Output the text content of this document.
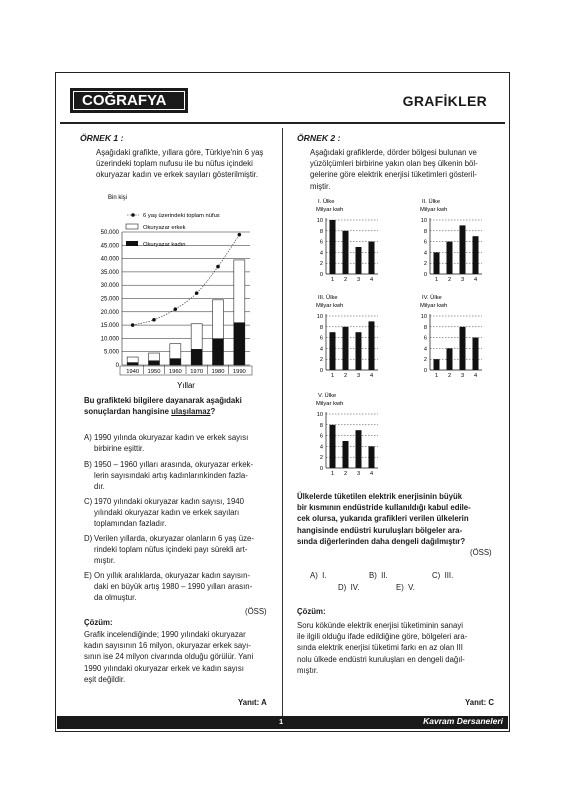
COĞRAFYA	GRAFİKLER
ÖRNEK 1 :
Aşağıdaki grafikte, yıllara göre, Türkiye'nin 6 yaş
üzerindeki toplam nufusu ile bu nüfus içindeki
okuryazar kadın ve erkek sayıları gösterilmiştir.
Bin kişi
0
5.000
10.000
15.000
20.000
25.000
30.000
35.000
40.000
45.000
50.000
1940 1950 1960 1970 1980 1990
6 yaş üzerindeki toplam nüfus
Okuryazar erkek
Okuryazar kadın
Yıllar
Bu grafikteki bilgilere dayanarak aşağıdaki
sonuçlardan hangisine ulaşılamaz?
A) 1990 yılında okuryazar kadın ve erkek sayısı
birbirine eşittir.
B) 1950 – 1960 yılları arasında, okuryazar erkek-
lerin sayısındaki artış kadınlarınkinden fazla-
dır.
C) 1970 yılındaki okuryazar kadın sayısı, 1940
yılındaki okuryazar kadın ve erkek sayıları
toplamından fazladır.
D) Verilen yıllarda, okuryazar olanların 6 yaş üze-
rindeki toplam nüfus içindeki payı sürekli art-
mıştır.
E) On yıllık aralıklarda, okuryazar kadın sayısın-
daki en büyük artış 1980 – 1990 yılları arasın-
da olmuştur.
(ÖSS)
Çözüm:
Grafik incelendiğinde; 1990 yılındaki okuryazar
kadın sayısının 16 milyon, okuryazar erkek sayı-
sının ise 24 milyon civarında olduğu görülür. Yani
1990 yılındaki okuryazar erkek ve kadın sayısı
eşit değildir.
Yanıt: A
ÖRNEK 2 :
Aşağıdaki grafiklerde, dörder bölgesi bulunan ve
yüzölçümleri birbirine yakın olan beş ülkenin böl-
gelerine göre elektrik enerjisi tüketimleri gösteril-
miştir.
I. Ülke
Milyar kwh
0
2
4
6
8
10
1 2 3 4
II. Ülke
Milyar kwh
0
2
4
6
8
10
1 2 3 4
III. Ülke
Milyar kwh
0
2
4
6
8
10
1 2 3 4
IV. Ülke
Milyar kwh
0
2
4
6
8
10
1 2 3 4
V. Ülke
Milyar kwh
0
2
4
6
8
10
1 2 3 4
Ülkelerde tüketilen elektrik enerjisinin büyük
bir kısmının endüstride kullanıldığı kabul edile-
cek olursa, yukarıda grafikleri verilen ülkelerin
hangisinde endüstri kuruluşları bölgeler ara-
sında diğerlerinden daha dengeli dağılmıştır?
(ÖSS)
A) I.	B) II.	C) III.
D) IV.	E) V.
Çözüm:
Soru kökünde elektrik enerjisi tüketiminin sanayi
ile ilgili olduğu ifade edildiğine göre, bölgeleri ara-
sında elektrik enerjisi tüketimi farkı en az olan III
nolu ülkede endüstri kuruluşları en dengeli dağıl-
mıştır.
Yanıt: C
1	Kavram Dersaneleri
